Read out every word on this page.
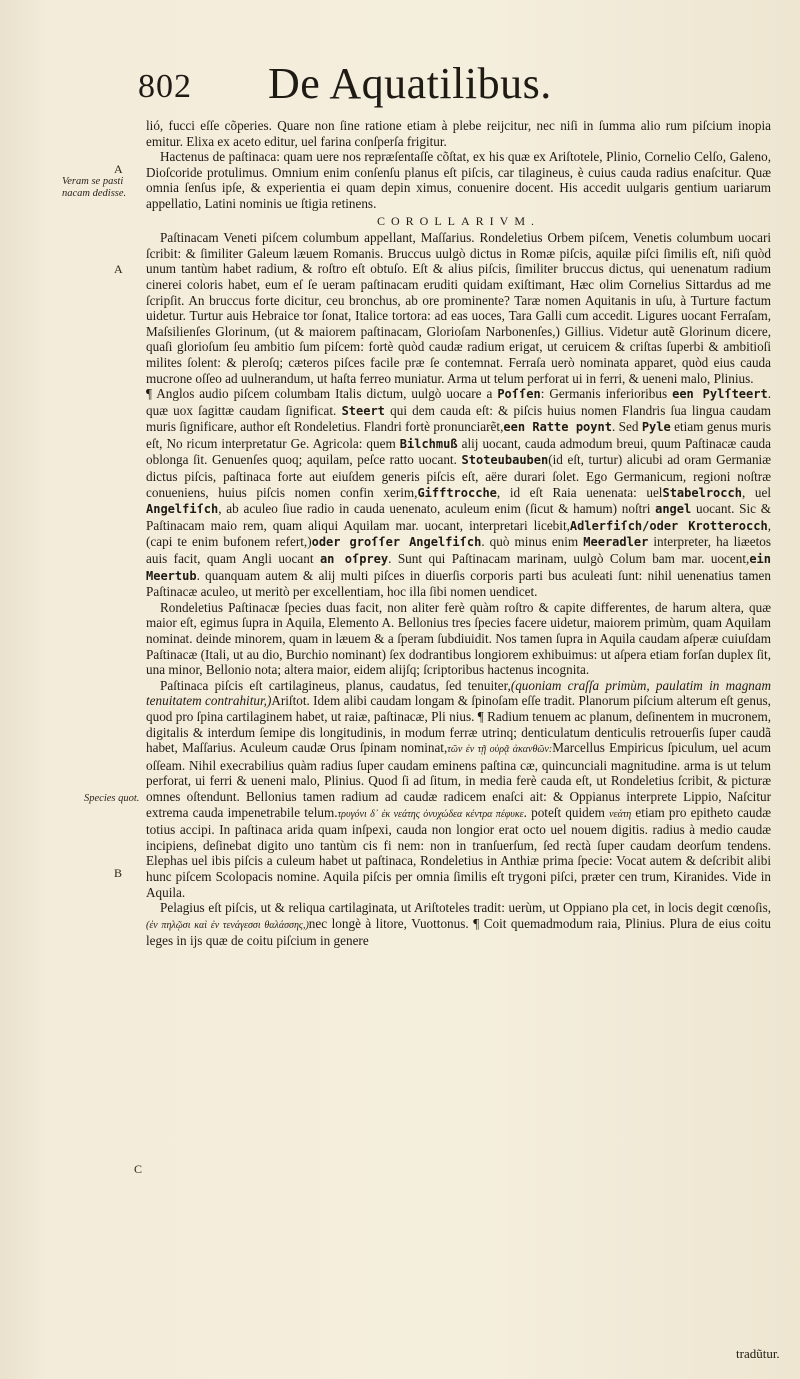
802 De Aquatilibus.
A
Veram se pasti
nacam dedisse.
A
Species quot.
B
C

lió, fucci eſſe cõperies. Quare non ſine ratione etiam à plebe reijcitur, nec niſi in ſumma alio rum piſcium inopia emitur. Elixa ex aceto editur, uel farina conſperſa frigitur.

Hactenus de paſtinaca: quam uere nos repræſentaſſe cõſtat, ex his quæ ex Ariſtotele, Plinio, Cornelio Celſo, Galeno, Dioſcoride protulimus. Omnium enim conſenſu planus eſt piſcis, car tilagineus, è cuius cauda radius enaſcitur. Quæ omnia ſenſus ipſe, & experientia ei quam depin ximus, conuenire docent. His accedit uulgaris gentium uariarum appellatio, Latini nominis ue ſtigia retinens.

COROLLARIVM.

Paſtinacam Veneti piſcem columbum appellant, Maſſarius. Rondeletius Orbem piſcem, Venetis columbum uocari ſcribit: & ſimiliter Galeum læuem Romanis. Bruccus uulgò dictus in Romæ piſcis, aquilæ piſci ſimilis eſt, niſi quòd unum tantùm habet radium, & roſtro eſt obtuſo. Eſt & alius piſcis, ſimiliter bruccus dictus, qui uenenatum radium cinerei coloris habet, eum eſ ſe ueram paſtinacam eruditi quidam exiſtimant, Hæc olim Cornelius Sittardus ad me ſcripſit. An bruccus forte dicitur, ceu bronchus, ab ore prominente? Taræ nomen Aquitanis in uſu, à Turture factum uidetur. Turtur auis Hebraice tor ſonat, Italice tortora: ad eas uoces, Tara Galli cum accedit. Ligures uocant Ferraſam, Maſsilienſes Glorinum, (ut & maiorem paſtinacam, Glorioſam Narbonenſes,) Gillius. Videtur autẽ Glorinum dicere, quaſi glorioſum ſeu ambitio ſum piſcem: fortè quòd caudæ radium erigat, ut ceruicem & criſtas ſuperbi & ambitioſi milites ſolent: & pleroſq; cæteros piſces facile præ ſe contemnat. Ferraſa uerò nominata apparet, quòd eius cauda mucrone oſſeo ad uulnerandum, ut haſta ferreo muniatur. Arma ut telum perforat ui in ferri, & ueneni malo, Plinius.

¶ Anglos audio piſcem columbam Italis dictum, uulgò uocare a Poſſen: Germanis inferioribus een Pylſteert. quæ uox ſagittæ caudam ſignificat. Steert qui dem cauda eſt: & piſcis huius nomen Flandris ſua lingua caudam muris ſignificare, author eſt Rondeletius. Flandri fortè pronunciarẽt,een Ratte poynt. Sed Pyle etiam genus muris eſt, No ricum interpretatur Ge. Agricola: quem Bilchmuß alij uocant, cauda admodum breui, quum Paſtinacæ cauda oblonga ſit. Genuenſes quoq; aquilam, peſce ratto uocant. Stoteubauben(id eſt, turtur) alicubi ad oram Germaniæ dictus piſcis, paſtinaca forte aut eiuſdem generis piſcis eſt, aëre durari ſolet. Ego Germanicum, regioni noſtræ conueniens, huius piſcis nomen confin xerim,Gifftrocche, id eſt Raia uenenata: uelStabelrocch, uel Angelfiſch, ab aculeo ſiue radio in cauda uenenato, aculeum enim (ſicut & hamum) noſtri angel uocant. Sic & Paſtinacam maio rem, quam aliqui Aquilam mar. uocant, interpretari licebit,Adlerfiſch/oder Krotterocch, (capi te enim bufonem refert,)oder groſſer Angelfiſch. quò minus enim Meeradler interpreter, ha liæetos auis facit, quam Angli uocant an oſprey. Sunt qui Paſtinacam marinam, uulgò Colum bam mar. uocent,ein Meertub. quanquam autem & alij multi piſces in diuerſis corporis parti bus aculeati ſunt: nihil uenenatius tamen Paſtinacæ aculeo, ut meritò per excellentiam, hoc illa ſibi nomen uendicet.

Rondeletius Paſtinacæ ſpecies duas facit, non aliter ferè quàm roſtro & capite differentes, de harum altera, quæ maior eſt, egimus ſupra in Aquila, Elemento A. Bellonius tres ſpecies facere uidetur, maiorem primùm, quam Aquilam nominat. deinde minorem, quam in læuem & a ſperam ſubdiuidit. Nos tamen ſupra in Aquila caudam aſperæ cuiuſdam Paſtinacæ (Itali, ut au dio, Burchio nominant) ſex dodrantibus longiorem exhibuimus: ut aſpera etiam forſan duplex ſit, una minor, Bellonio nota; altera maior, eidem alijſq; ſcriptoribus hactenus incognita.

Paſtinaca piſcis eſt cartilagineus, planus, caudatus, ſed tenuiter,(quoniam craſſa primùm, paulatim in magnam tenuitatem contrahitur,)Ariſtot. Idem alibi caudam longam & ſpinoſam eſſe tradit. Planorum piſcium alterum eſt genus, quod pro ſpina cartilaginem habet, ut raiæ, paſtinacæ, Pli nius. ¶ Radium tenuem ac planum, deſinentem in mucronem, digitalis & interdum ſemipe dis longitudinis, in modum ferræ utrinq; denticulatum denticulis retrouerſis ſuper caudã habet, Maſſarius. Aculeum caudæ Orus ſpinam nominat,τῶν ἐν τῇ οὐρᾷ ἀκανθῶν:Marcellus Empiricus ſpiculum, uel acum oſſeam. Nihil execrabilius quàm radius ſuper caudam eminens paſtina cæ, quincunciali magnitudine. arma is ut telum perforat, ui ferri & ueneni malo, Plinius. Quod ſi ad ſitum, in media ferè cauda eſt, ut Rondeletius ſcribit, & picturæ omnes oſtendunt. Bellonius tamen radium ad caudæ radicem enaſci ait: & Oppianus interprete Lippio, Naſcitur extrema cauda impenetrabile telum.τρυγόνι δ᾽ ἐκ νεάτης ὀνυχώδεα κέντρα πέφυκε. poteſt quidem νεάτη etiam pro epitheto caudæ totius accipi. In paſtinaca arida quam inſpexi, cauda non longior erat octo uel nouem digitis. radius à medio caudæ incipiens, deſinebat digito uno tantùm cis fi nem: non in tranſuerſum, ſed rectà ſuper caudam deorſum tendens. Elephas uel ibis piſcis a culeum habet ut paſtinaca, Rondeletius in Anthiæ prima ſpecie: Vocat autem & deſcribit alibi hunc piſcem Scolopacis nomine. Aquila piſcis per omnia ſimilis eſt trygoni piſci, præter cen trum, Kiranides. Vide in Aquila.

Pelagius eſt piſcis, ut & reliqua cartilaginata, ut Ariſtoteles tradit: uerùm, ut Oppiano pla cet, in locis degit cœnoſis,(ἐν πηλῷσι καὶ ἐν τενάγεσσι θαλάσσης,)nec longè à litore, Vuottonus. ¶ Coit quemadmodum raia, Plinius. Plura de eius coitu leges in ijs quæ de coitu piſcium in genere

tradũtur.
